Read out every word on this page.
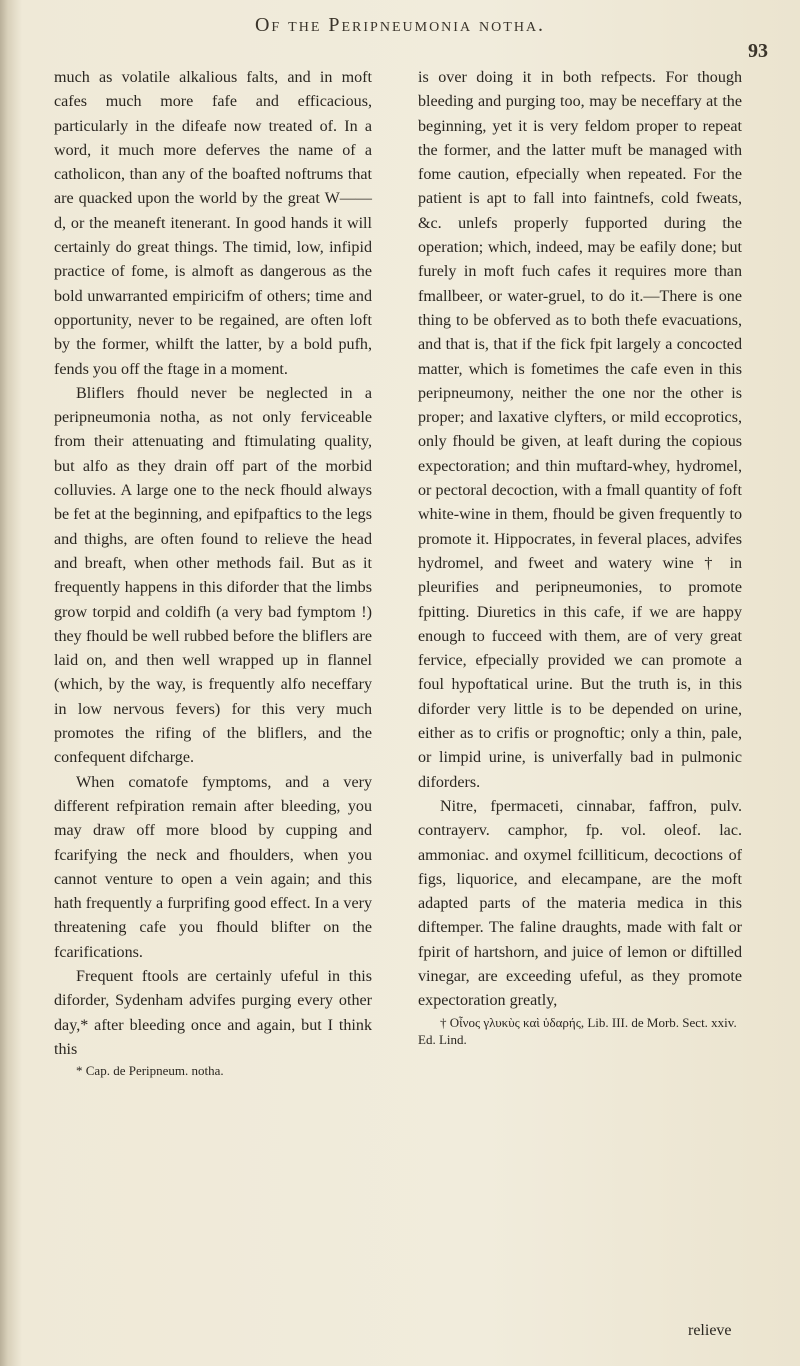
Of the Peripneumonia notha.
93

much as volatile alkalious falts, and in moft cafes much more fafe and efficacious, particularly in the difeafe now treated of. In a word, it much more deferves the name of a catholicon, than any of the boafted noftrums that are quacked upon the world by the great W——d, or the meaneft itenerant. In good hands it will certainly do great things. The timid, low, infipid practice of fome, is almoft as dangerous as the bold unwarranted empiricifm of others; time and opportunity, never to be regained, are often loft by the former, whilft the latter, by a bold pufh, fends you off the ftage in a moment.

Bliflers fhould never be neglected in a peripneumonia notha, as not only ferviceable from their attenuating and ftimulating quality, but alfo as they drain off part of the morbid colluvies. A large one to the neck fhould always be fet at the beginning, and epifpaftics to the legs and thighs, are often found to relieve the head and breaft, when other methods fail. But as it frequently happens in this diforder that the limbs grow torpid and coldifh (a very bad fymptom !) they fhould be well rubbed before the bliflers are laid on, and then well wrapped up in flannel (which, by the way, is frequently alfo neceffary in low nervous fevers) for this very much promotes the rifing of the bliflers, and the confequent difcharge.

When comatofe fymptoms, and a very different refpiration remain after bleeding, you may draw off more blood by cupping and fcarifying the neck and fhoulders, when you cannot venture to open a vein again; and this hath frequently a furprifing good effect. In a very threatening cafe you fhould blifter on the fcarifications.

Frequent ftools are certainly ufeful in this diforder, Sydenham advifes purging every other day,* after bleeding once and again, but I think this

* Cap. de Peripneum. notha.

is over doing it in both refpects. For though bleeding and purging too, may be neceffary at the beginning, yet it is very feldom proper to repeat the former, and the latter muft be managed with fome caution, efpecially when repeated. For the patient is apt to fall into faintnefs, cold fweats, &c. unlefs properly fupported during the operation; which, indeed, may be eafily done; but furely in moft fuch cafes it requires more than fmallbeer, or water-gruel, to do it.—There is one thing to be obferved as to both thefe evacuations, and that is, that if the fick fpit largely a concocted matter, which is fometimes the cafe even in this peripneumony, neither the one nor the other is proper; and laxative clyfters, or mild eccoprotics, only fhould be given, at leaft during the copious expectoration; and thin muftard-whey, hydromel, or pectoral decoction, with a fmall quantity of foft white-wine in them, fhould be given frequently to promote it. Hippocrates, in feveral places, advifes hydromel, and fweet and watery wine † in pleurifies and peripneumonies, to promote fpitting. Diuretics in this cafe, if we are happy enough to fucceed with them, are of very great fervice, efpecially provided we can promote a foul hypoftatical urine. But the truth is, in this diforder very little is to be depended on urine, either as to crifis or prognoftic; only a thin, pale, or limpid urine, is univerfally bad in pulmonic diforders.

Nitre, fpermaceti, cinnabar, faffron, pulv. contrayerv. camphor, fp. vol. oleof. lac. ammoniac. and oxymel fcilliticum, decoctions of figs, liquorice, and elecampane, are the moft adapted parts of the materia medica in this diftemper. The faline draughts, made with falt or fpirit of hartshorn, and juice of lemon or diftilled vinegar, are exceeding ufeful, as they promote expectoration greatly,

† Οἶνος γλυκὺς καὶ ὑδαρής, Lib. III. de Morb. Sect. xxiv. Ed. Lind.

relieve
